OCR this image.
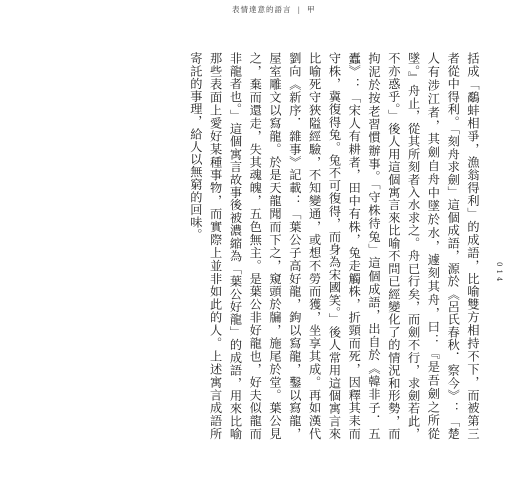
表情達意的語言 | 甲

括成「鷸蚌相爭，漁翁得利」的成語，比喻雙方相持不下，而被第三者從中得利。「刻舟求劍」這個成語，源於《呂氏春秋．察今》：「楚人有涉江者，其劍自舟中墜於水，遽刻其舟，曰：『是吾劍之所從墜。』舟止，從其所刻者入水求之。舟已行矣，而劍不行，求劍若此，不亦惑乎。」後人用這個寓言來比喻不問已經變化了的情況和形勢，而拘泥於按老習慣辦事。「守株待兔」這個成語，出自於《韓非子．五蠹》：「宋人有耕者，田中有株，兔走觸株，折頸而死，因釋其耒而守株，冀復得兔。兔不可復得，而身為宋國笑。」後人常用這個寓言來比喻死守狹隘經驗，不知變通，或想不勞而獲，坐享其成。再如漢代劉向《新序．雜事》記載：「葉公子高好龍，鉤以寫龍，鑿以寫龍，屋室雕文以寫龍。於是天龍聞而下之，窺頭於牖，施尾於堂。葉公見之，棄而還走，失其魂魄，五色無主。是葉公非好龍也，好夫似龍而非龍者也。」這個寓言故事後被濃縮為「葉公好龍」的成語，用來比喻那些表面上愛好某種事物，而實際上並非如此的人。上述寓言成語所寄託的事理，給人以無窮的回味。

014
